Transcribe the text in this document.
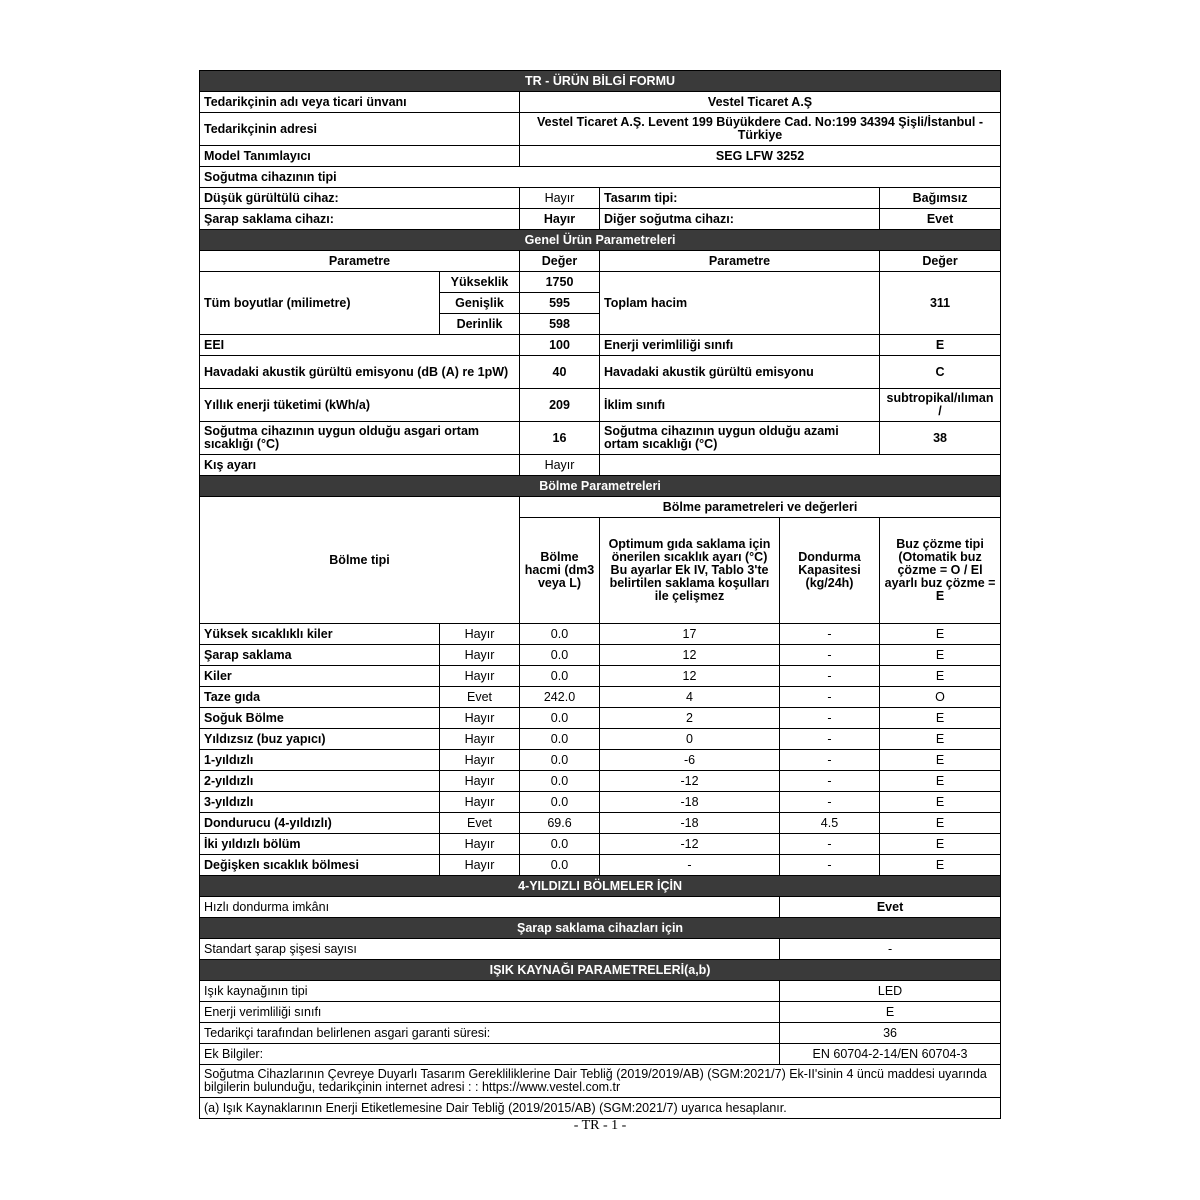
TR - ÜRÜN BİLGİ FORMU					
Tedarikçinin adı veya ticari ünvanı		Vestel Ticaret A.Ş			
Tedarikçinin adresi		Vestel Ticaret A.Ş. Levent 199 Büyükdere Cad. No:199 34394 Şişli/İstanbul - Türkiye			
Model Tanımlayıcı		SEG LFW 3252			
Soğutma cihazının tipi					
Düşük gürültülü cihaz:		Hayır	Tasarım tipi:		Bağımsız
Şarap saklama cihazı:		Hayır	Diğer soğutma cihazı:		Evet
Genel Ürün Parametreleri					
Parametre		Değer	Parametre		Değer
Tüm boyutlar (milimetre)	Yükseklik	1750	Toplam hacim		311
	Genişlik	595			
	Derinlik	598			
EEI		100	Enerji verimliliği sınıfı		E
Havadaki akustik gürültü emisyonu (dB (A) re 1pW)		40	Havadaki akustik gürültü emisyonu		C
Yıllık enerji tüketimi (kWh/a)		209	İklim sınıfı		subtropikal/ılıman /
Soğutma cihazının uygun olduğu asgari ortam sıcaklığı (°C)		16	Soğutma cihazının uygun olduğu azami ortam sıcaklığı (°C)		38
Kış ayarı		Hayır			
Bölme Parametreleri					
Bölme tipi		Bölme parametreleri ve değerleri			
		Bölme hacmi (dm3 veya L)	Optimum gıda saklama için önerilen sıcaklık ayarı (°C) Bu ayarlar Ek IV, Tablo 3'te belirtilen saklama koşulları ile çelişmez	Dondurma Kapasitesi (kg/24h)	Buz çözme tipi (Otomatik buz çözme = O / El ayarlı buz çözme = E
Yüksek sıcaklıklı kiler	Hayır	0.0	17	-	E
Şarap saklama	Hayır	0.0	12	-	E
Kiler	Hayır	0.0	12	-	E
Taze gıda	Evet	242.0	4	-	O
Soğuk Bölme	Hayır	0.0	2	-	E
Yıldızsız (buz yapıcı)	Hayır	0.0	0	-	E
1-yıldızlı	Hayır	0.0	-6	-	E
2-yıldızlı	Hayır	0.0	-12	-	E
3-yıldızlı	Hayır	0.0	-18	-	E
Dondurucu (4-yıldızlı)	Evet	69.6	-18	4.5	E
İki yıldızlı bölüm	Hayır	0.0	-12	-	E
Değişken sıcaklık bölmesi	Hayır	0.0	-	-	E
4-YILDIZLI BÖLMELER İÇİN					
Hızlı dondurma imkânı				Evet	
Şarap saklama cihazları için					
Standart şarap şişesi sayısı				-	
IŞIK KAYNAĞI PARAMETRELERİ(a,b)					
Işık kaynağının tipi				LED	
Enerji verimliliği sınıfı				E	
Tedarikçi tarafından belirlenen asgari garanti süresi:				36	
Ek Bilgiler:				EN 60704-2-14/EN 60704-3	
Soğutma Cihazlarının Çevreye Duyarlı Tasarım Gerekliliklerine Dair Tebliğ (2019/2019/AB) (SGM:2021/7) Ek-II'sinin 4 üncü maddesi uyarında bilgilerin bulunduğu, tedarikçinin internet adresi : : https://www.vestel.com.tr					
(a) Işık Kaynaklarının Enerji Etiketlemesine Dair Tebliğ (2019/2015/AB) (SGM:2021/7) uyarıca hesaplanır.					
- TR - 1 -
